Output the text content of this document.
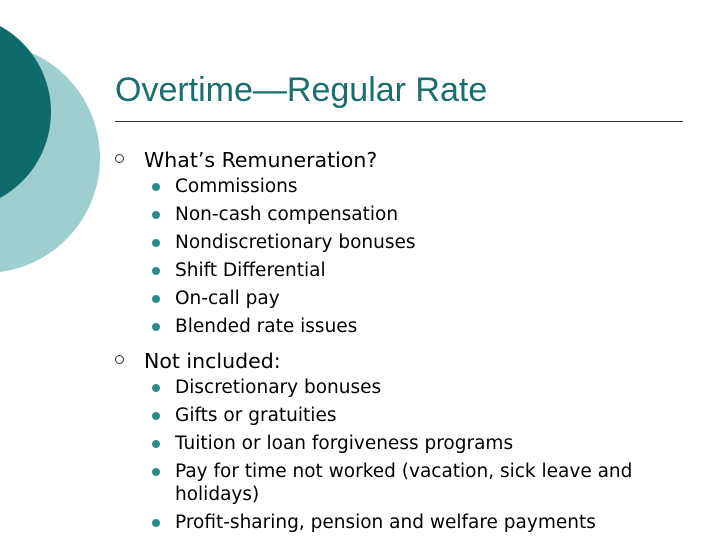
Overtime—Regular Rate
What’s Remuneration?
Commissions
Non-cash compensation
Nondiscretionary bonuses
Shift Differential
On-call pay
Blended rate issues
Not included:
Discretionary bonuses
Gifts or gratuities
Tuition or loan forgiveness programs
Pay for time not worked (vacation, sick leave and holidays)
Profit-sharing, pension and welfare payments
